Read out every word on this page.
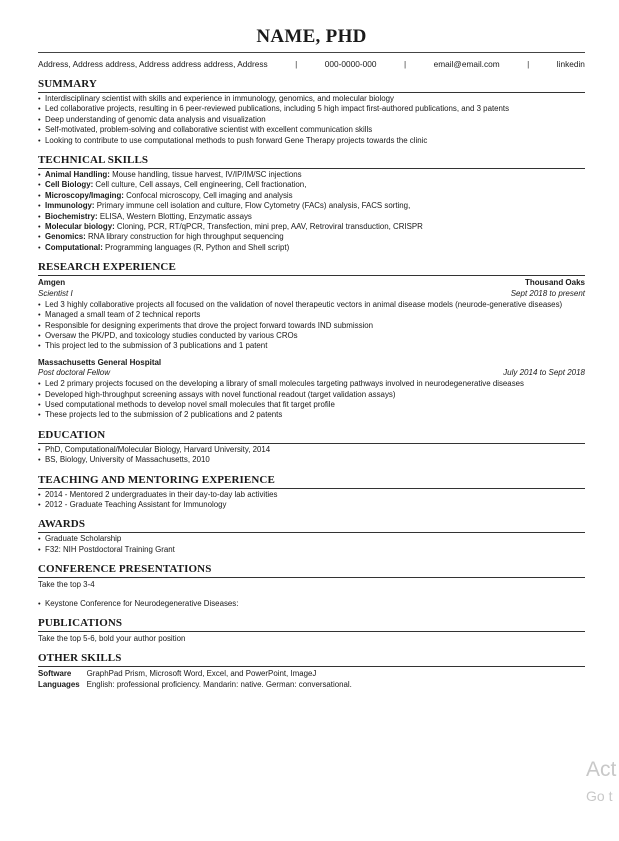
NAME, PHD
Address, Address address, Address address address, Address	|	000-0000-000	|	email@email.com	|	linkedin
SUMMARY
• Interdisciplinary scientist with skills and experience in immunology, genomics, and molecular biology
• Led collaborative projects, resulting in 6 peer-reviewed publications, including 5 high impact first-authored publications, and 3 patents
• Deep understanding of genomic data analysis and visualization
• Self-motivated, problem-solving and collaborative scientist with excellent communication skills
• Looking to contribute to use computational methods to push forward Gene Therapy projects towards the clinic
TECHNICAL SKILLS
• Animal Handling: Mouse handling, tissue harvest, IV/IP/IM/SC injections
• Cell Biology: Cell culture, Cell assays, Cell engineering, Cell fractionation,
• Microscopy/Imaging: Confocal microscopy, Cell imaging and analysis
• Immunology: Primary immune cell isolation and culture, Flow Cytometry (FACs) analysis, FACS sorting,
• Biochemistry: ELISA, Western Blotting, Enzymatic assays
• Molecular biology: Cloning, PCR, RT/qPCR, Transfection, mini prep, AAV, Retroviral transduction, CRISPR
• Genomics: RNA library construction for high throughput sequencing
• Computational: Programming languages (R, Python and Shell script)
RESEARCH EXPERIENCE
Amgen	Thousand Oaks
Scientist I	Sept 2018 to present
• Led 3 highly collaborative projects all focused on the validation of novel therapeutic vectors in animal disease models (neurode-generative diseases)
• Managed a small team of 2 technical reports
• Responsible for designing experiments that drove the project forward towards IND submission
• Oversaw the PK/PD, and toxicology studies conducted by various CROs
• This project led to the submission of 3 publications and 1 patent
Massachusetts General Hospital
Post doctoral Fellow	July 2014 to Sept 2018
• Led 2 primary projects focused on the developing a library of small molecules targeting pathways involved in neurodegenerative diseases
• Developed high-throughput screening assays with novel functional readout (target validation assays)
• Used computational methods to develop novel small molecules that fit target profile
• These projects led to the submission of 2 publications and 2 patents
EDUCATION
• PhD, Computational/Molecular Biology, Harvard University, 2014
• BS, Biology, University of Massachusetts, 2010
TEACHING AND MENTORING EXPERIENCE
• 2014 - Mentored 2 undergraduates in their day-to-day lab activities
• 2012 - Graduate Teaching Assistant for Immunology
AWARDS
• Graduate Scholarship
• F32: NIH Postdoctoral Training Grant
CONFERENCE PRESENTATIONS
Take the top 3-4
• Keystone Conference for Neurodegenerative Diseases:
PUBLICATIONS
Take the top 5-6, bold your author position
OTHER SKILLS
Software	GraphPad Prism, Microsoft Word, Excel, and PowerPoint, ImageJ
Languages	English: professional proficiency. Mandarin: native. German: conversational.
Act
Go t
